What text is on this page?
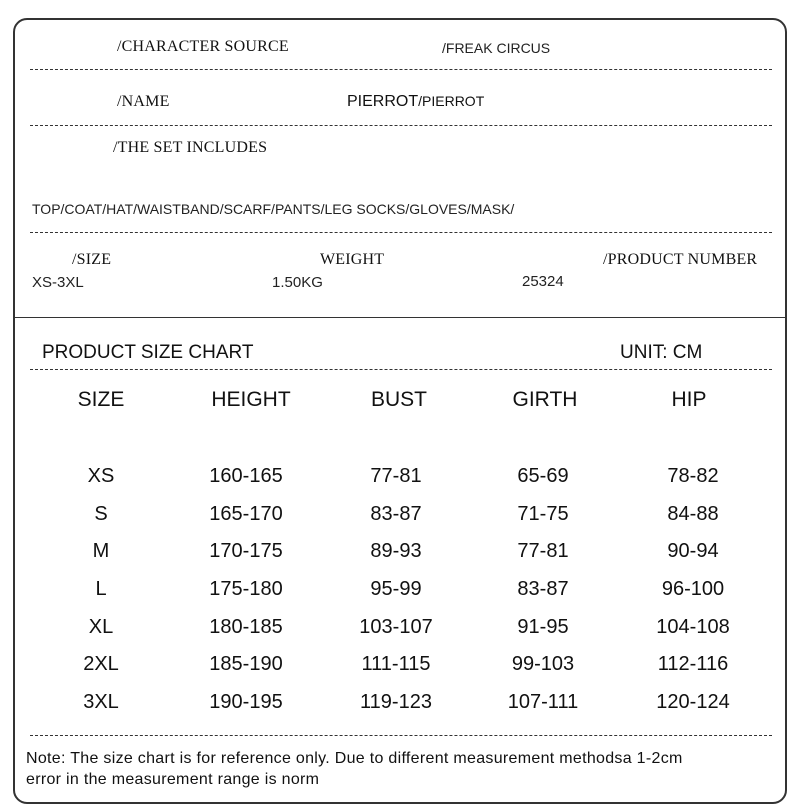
/CHARACTER SOURCE	/FREAK CIRCUS
/NAME	PIERROT/PIERROT
/THE SET INCLUDES
TOP/COAT/HAT/WAISTBAND/SCARF/PANTS/LEG SOCKS/GLOVES/MASK/
/SIZE
XS-3XL
WEIGHT
1.50KG
/PRODUCT NUMBER
25324
PRODUCT SIZE CHART	UNIT: CM
SIZE	HEIGHT	BUST	GIRTH	HIP
XS	160-165	77-81	65-69	78-82
S	165-170	83-87	71-75	84-88
M	170-175	89-93	77-81	90-94
L	175-180	95-99	83-87	96-100
XL	180-185	103-107	91-95	104-108
2XL	185-190	111-115	99-103	112-116
3XL	190-195	119-123	107-111	120-124
Note: The size chart is for reference only. Due to different measurement methodsa 1-2cm
error in the measurement range is norm
